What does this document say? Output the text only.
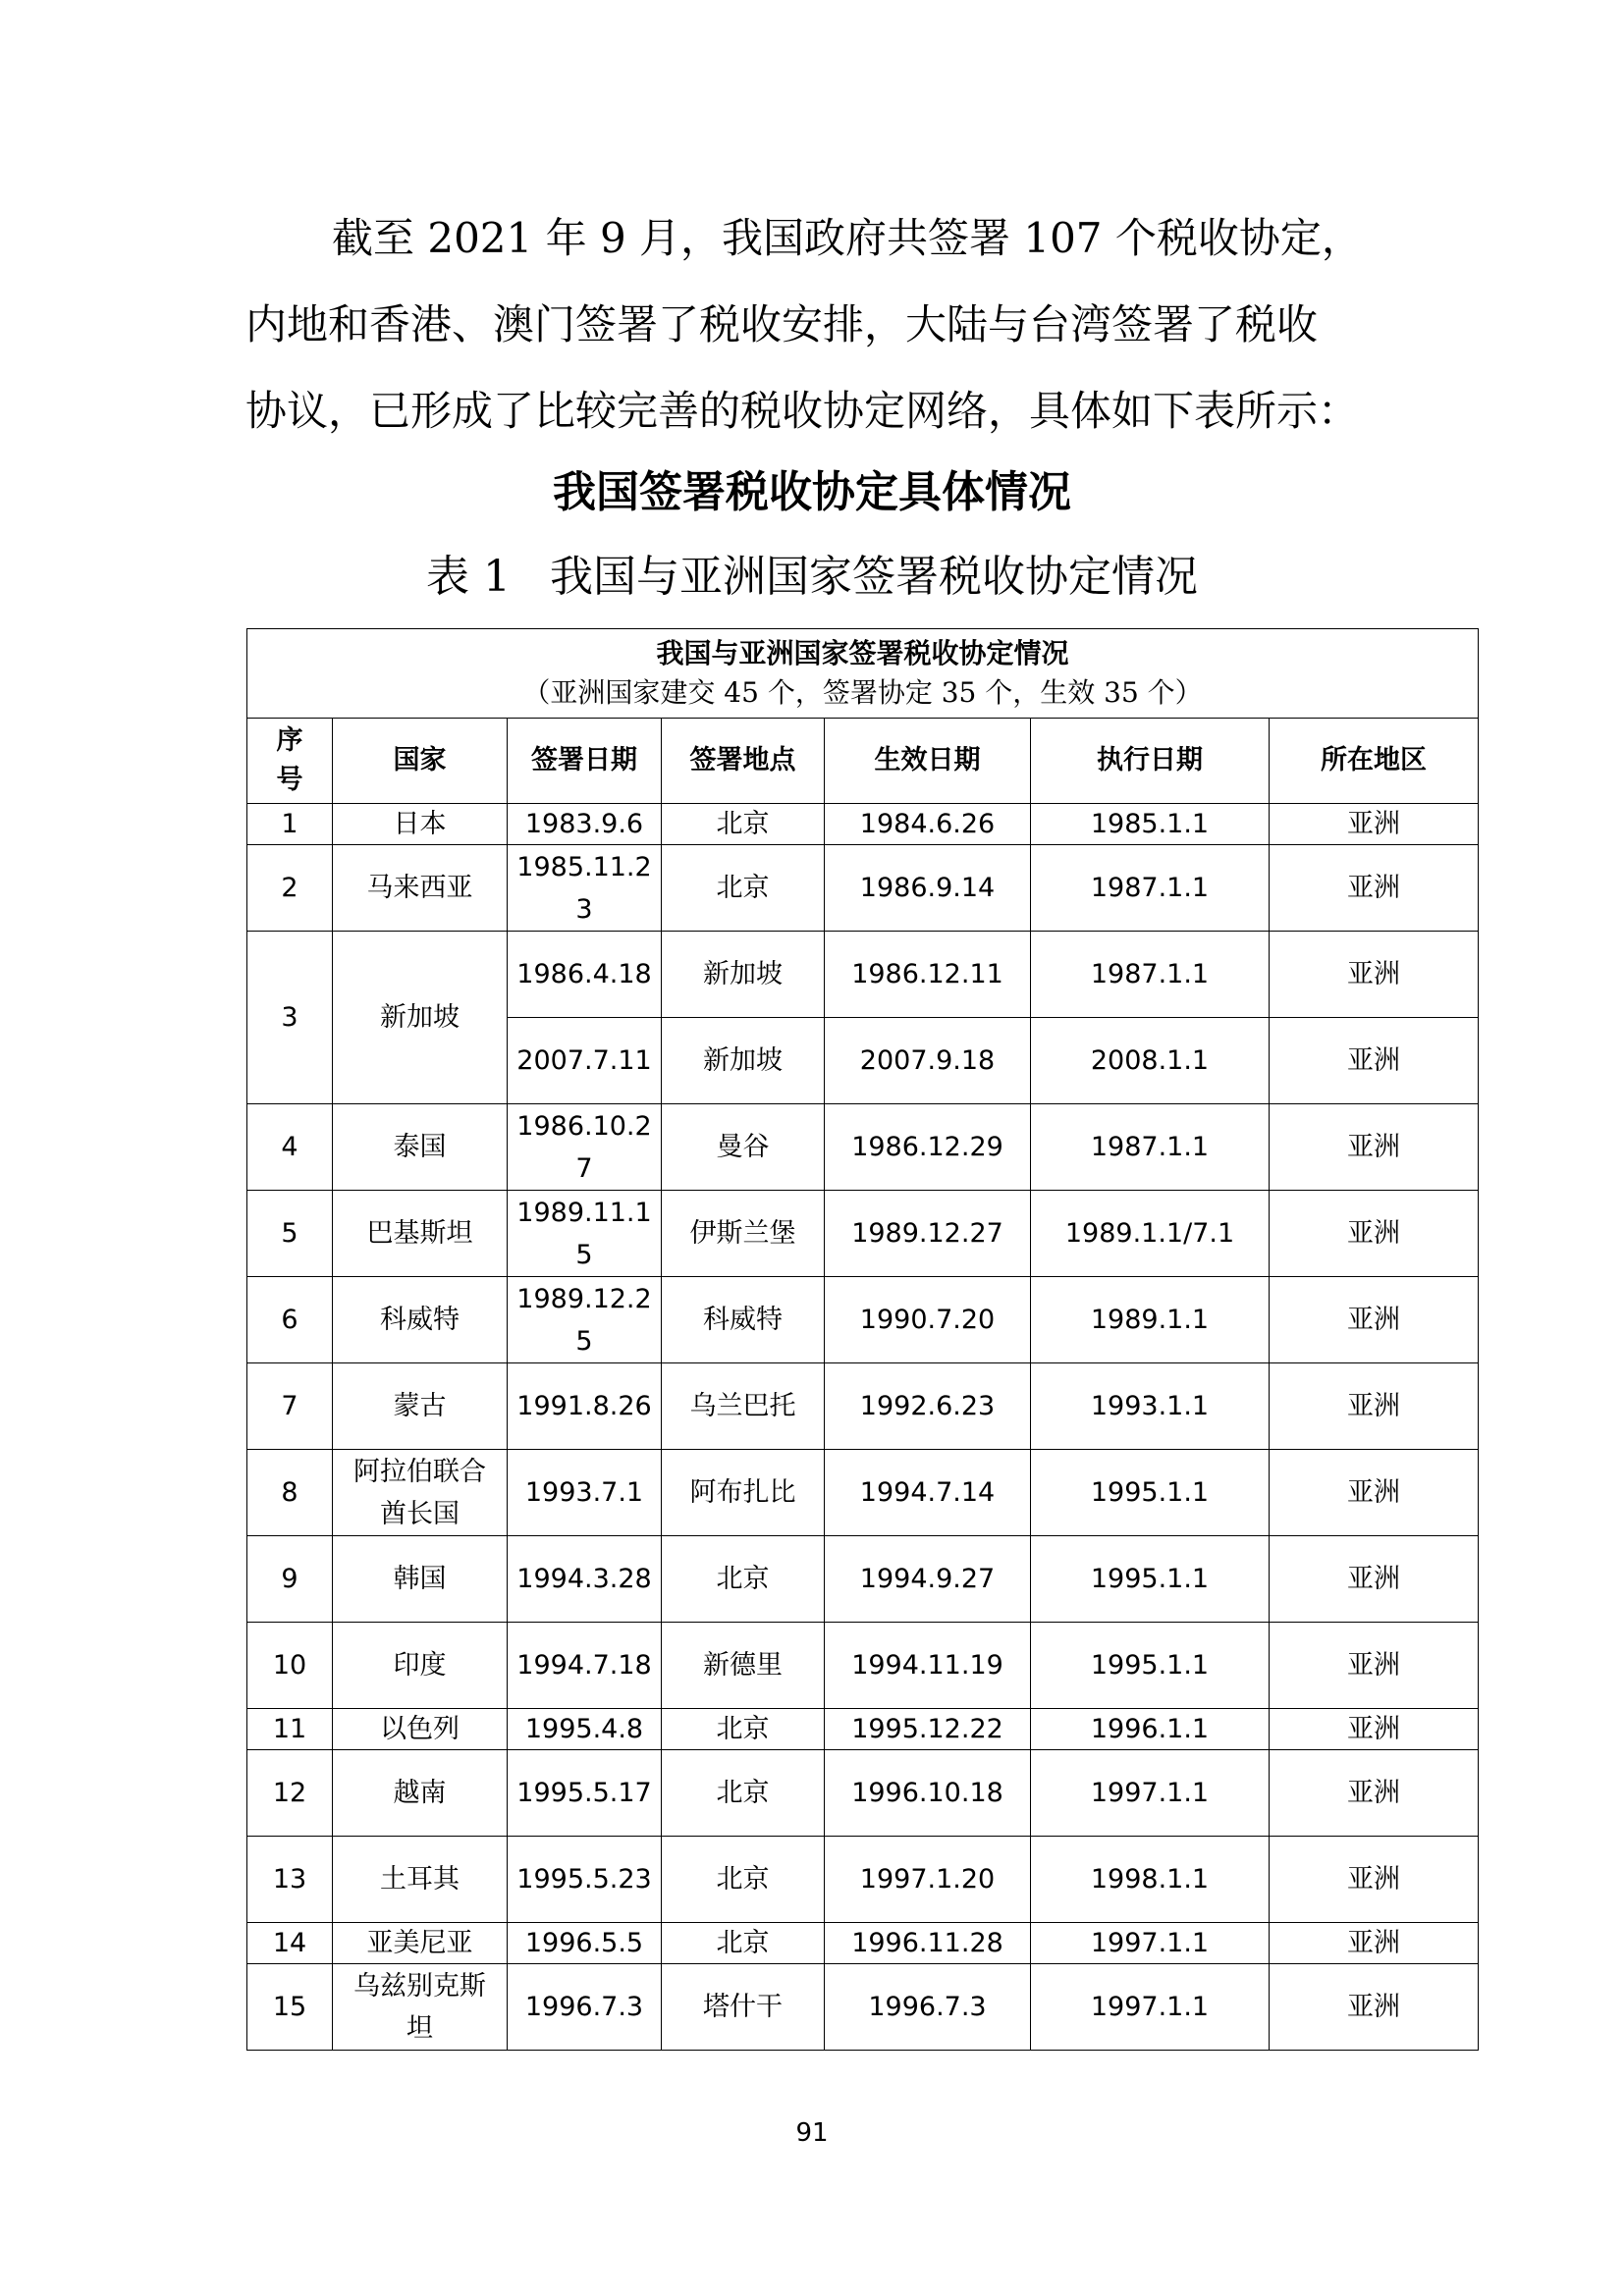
截至 2021 年 9 月，我国政府共签署 107 个税收协定，
内地和香港、澳门签署了税收安排，大陆与台湾签署了税收
协议，已形成了比较完善的税收协定网络，具体如下表所示：
我国签署税收协定具体情况

表 1 我国与亚洲国家签署税收协定情况

我国与亚洲国家签署税收协定情况
（亚洲国家建交 45 个，签署协定 35 个，生效 35 个）						

序号	国家	签署日期	签署地点	生效日期	执行日期	所在地区
1	日本	1983.9.6	北京	1984.6.26	1985.1.1	亚洲
2	马来西亚	1985.11.23	北京	1986.9.14	1987.1.1	亚洲
3	新加坡	1986.4.18	新加坡	1986.12.11	1987.1.1	亚洲
		2007.7.11	新加坡	2007.9.18	2008.1.1	亚洲
4	泰国	1986.10.27	曼谷	1986.12.29	1987.1.1	亚洲
5	巴基斯坦	1989.11.15	伊斯兰堡	1989.12.27	1989.1.1/7.1	亚洲
6	科威特	1989.12.25	科威特	1990.7.20	1989.1.1	亚洲
7	蒙古	1991.8.26	乌兰巴托	1992.6.23	1993.1.1	亚洲
8	阿拉伯联合酋长国	1993.7.1	阿布扎比	1994.7.14	1995.1.1	亚洲
9	韩国	1994.3.28	北京	1994.9.27	1995.1.1	亚洲
10	印度	1994.7.18	新德里	1994.11.19	1995.1.1	亚洲
11	以色列	1995.4.8	北京	1995.12.22	1996.1.1	亚洲
12	越南	1995.5.17	北京	1996.10.18	1997.1.1	亚洲
13	土耳其	1995.5.23	北京	1997.1.20	1998.1.1	亚洲
14	亚美尼亚	1996.5.5	北京	1996.11.28	1997.1.1	亚洲
15	乌兹别克斯坦	1996.7.3	塔什干	1996.7.3	1997.1.1	亚洲

91
